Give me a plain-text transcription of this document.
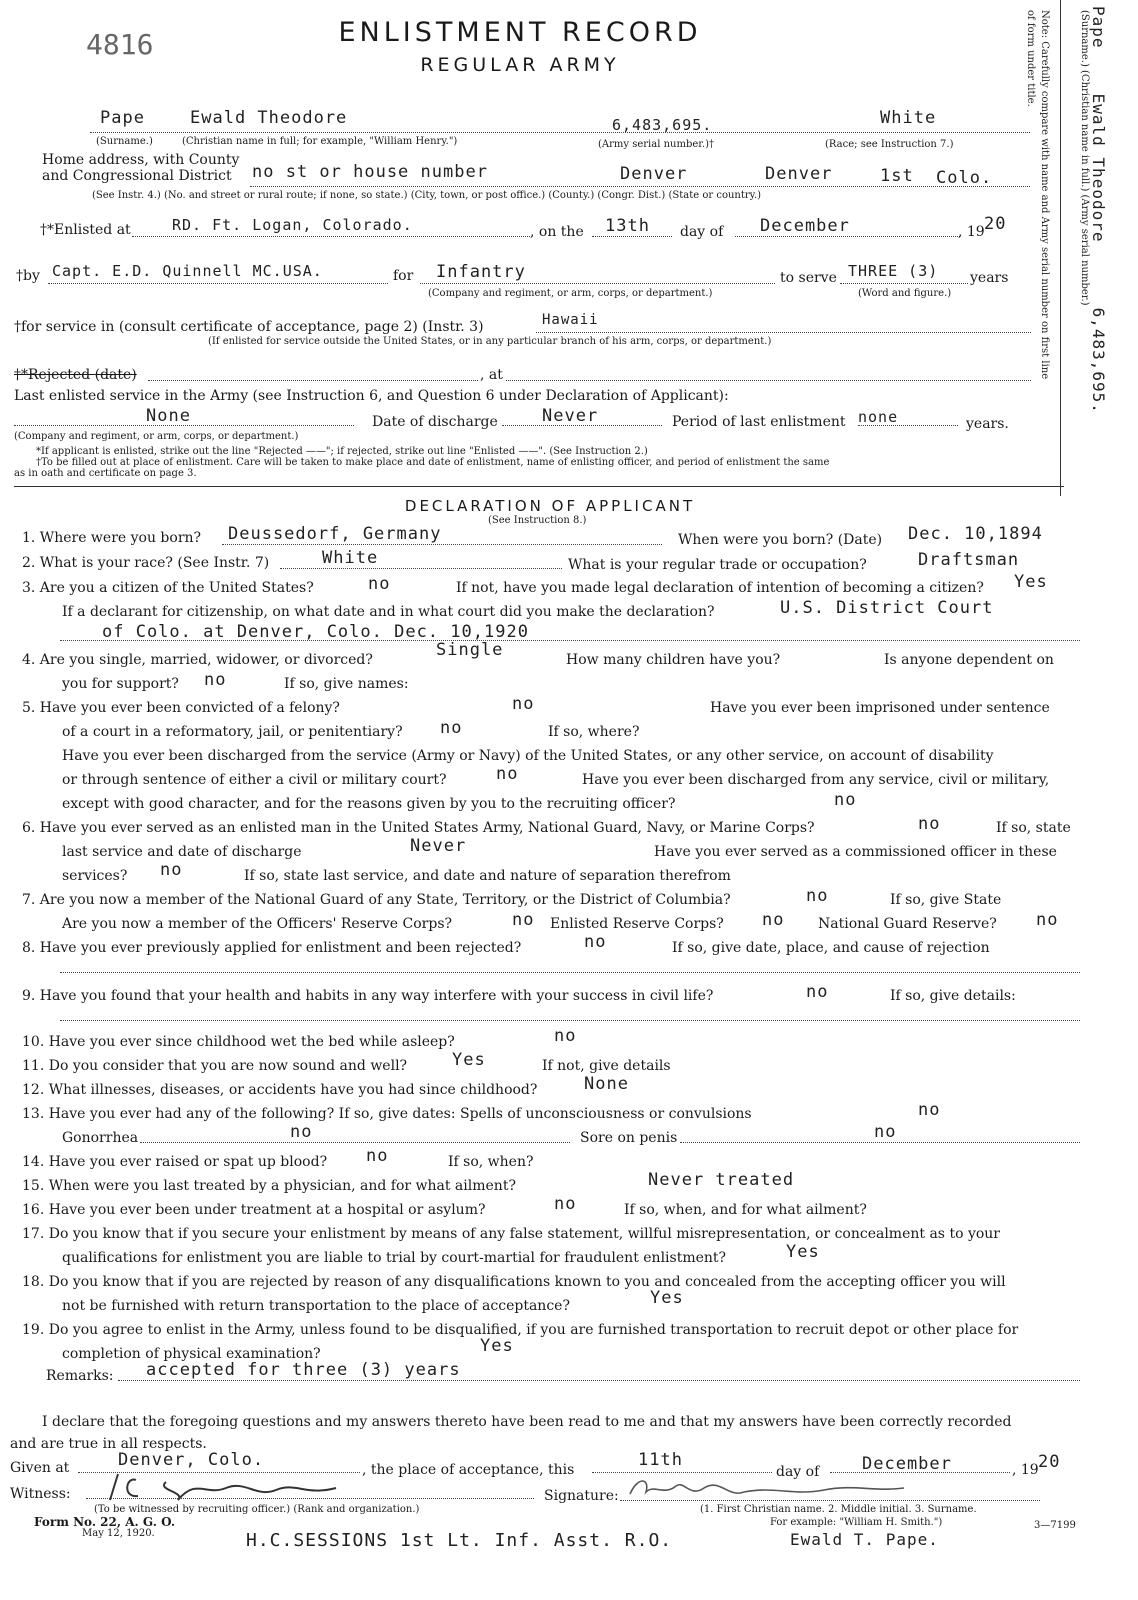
4816	ENLISTMENT RECORD
REGULAR ARMY
Pape Ewald Theodore 6,483,695.
(Surname.) (Christian name in full.) (Army serial number.)
Note: Carefully compare with name and Army serial number on first line
of form under title.
Pape	Ewald Theodore	6,483,695.	White
(Surname.)	(Christian name in full; for example, "William Henry.")	(Army serial number.)†	(Race; see Instruction 7.)
Home address, with County
and Congressional District no st or house number	Denver	Denver	1st Colo.
(See Instr. 4.) (No. and street or rural route; if none, so state.) (City, town, or post office.) (County.) (Congr. Dist.) (State or country.)
†*Enlisted at	RD. Ft. Logan, Colorado.	, on the 13th day of December	, 19 20
†by Capt. E.D. Quinnell MC.USA.	for Infantry	to serve THREE (3) years
(Company and regiment, or arm, corps, or department.)	(Word and figure.)
†for service in (consult certificate of acceptance, page 2) (Instr. 3)	Hawaii
(If enlisted for service outside the United States, or in any particular branch of his arm, corps, or department.)
†*Rejected (date)	, at
Last enlisted service in the Army (see Instruction 6, and Question 6 under Declaration of Applicant):
None	Date of discharge	Never	Period of last enlistment none	years.
(Company and regiment, or arm, corps, or department.)
*If applicant is enlisted, strike out the line "Rejected ——"; if rejected, strike out line "Enlisted ——". (See Instruction 2.)
†To be filled out at place of enlistment. Care will be taken to make place and date of enlistment, name of enlisting officer, and period of enlistment the same
as in oath and certificate on page 3.
DECLARATION OF APPLICANT
(See Instruction 8.)
1. Where were you born? Deussedorf, Germany	When were you born? (Date) Dec. 10,1894
2. What is your race? (See Instr. 7)	White	What is your regular trade or occupation?	Draftsman
3. Are you a citizen of the United States?	no	If not, have you made legal declaration of intention of becoming a citizen? Yes
If a declarant for citizenship, on what date and in what court did you make the declaration?	U.S. District Court
of Colo. at Denver, Colo. Dec. 10,1920
4. Are you single, married, widower, or divorced?	Single	How many children have you?	Is anyone dependent on
you for support? no	If so, give names:
5. Have you ever been convicted of a felony?	no	Have you ever been imprisoned under sentence
of a court in a reformatory, jail, or penitentiary? no	If so, where?
Have you ever been discharged from the service (Army or Navy) of the United States, or any other service, on account of disability
or through sentence of either a civil or military court?	no	Have you ever been discharged from any service, civil or military,
except with good character, and for the reasons given by you to the recruiting officer?	no
6. Have you ever served as an enlisted man in the United States Army, National Guard, Navy, or Marine Corps?	no	If so, state
last service and date of discharge	Never	Have you ever served as a commissioned officer in these
services? no	If so, state last service, and date and nature of separation therefrom
7. Are you now a member of the National Guard of any State, Territory, or the District of Columbia?	no	If so, give State
Are you now a member of the Officers' Reserve Corps?	no Enlisted Reserve Corps? no National Guard Reserve? no
8. Have you ever previously applied for enlistment and been rejected?	no	If so, give date, place, and cause of rejection
9. Have you found that your health and habits in any way interfere with your success in civil life?	no	If so, give details:
10. Have you ever since childhood wet the bed while asleep?	no
11. Do you consider that you are now sound and well?	Yes	If not, give details
12. What illnesses, diseases, or accidents have you had since childhood?	None
13. Have you ever had any of the following? If so, give dates: Spells of unconsciousness or convulsions	no
Gonorrhea	no	Sore on penis	no
14. Have you ever raised or spat up blood? no	If so, when?
15. When were you last treated by a physician, and for what ailment?	Never treated
16. Have you ever been under treatment at a hospital or asylum?	no	If so, when, and for what ailment?
17. Do you know that if you secure your enlistment by means of any false statement, willful misrepresentation, or concealment as to your
qualifications for enlistment you are liable to trial by court-martial for fraudulent enlistment?	Yes
18. Do you know that if you are rejected by reason of any disqualifications known to you and concealed from the accepting officer you will
not be furnished with return transportation to the place of acceptance?	Yes
19. Do you agree to enlist in the Army, unless found to be disqualified, if you are furnished transportation to recruit depot or other place for
completion of physical examination?	Yes
Remarks: accepted for three (3) years
I declare that the foregoing questions and my answers thereto have been read to me and that my answers have been correctly recorded
and are true in all respects.
Given at	Denver, Colo.	, the place of acceptance, this	11th
day of	December	, 19 20
Witness:	Signature:
(To be witnessed by recruiting officer.) (Rank and organization.)	(1. First Christian name. 2. Middle initial. 3. Surname.
For example: "William H. Smith.")
Form No. 22, A. G. O.
May 12, 1920.
3—7199
H.C.SESSIONS 1st Lt. Inf. Asst. R.O.	Ewald T. Pape.
